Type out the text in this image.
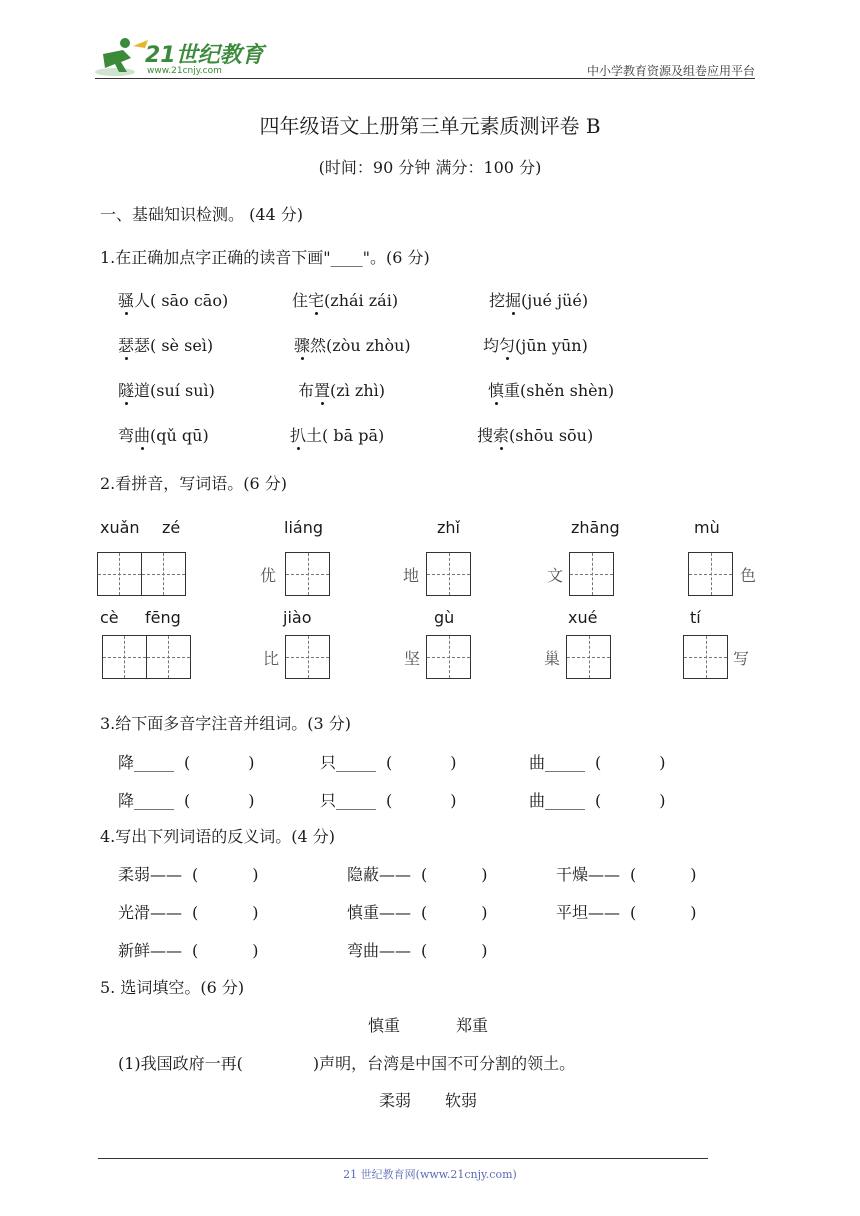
21世纪教育
www.21cnjy.com	中小学教育资源及组卷应用平台
四年级语文上册第三单元素质测评卷 B
(时间：90 分钟 满分：100 分)
一、基础知识检测。 (44 分)
1.在正确加点字正确的读音下画"____"。(6 分)
骚人( sāo cāo)	住宅(zhái zái)	挖掘(jué jüé)
瑟瑟( sè seì)	骤然(zòu zhòu)	均匀(jūn yūn)
隧道(suí suì)	布置(zì zhì)	慎重(shěn shèn)
弯曲(qǔ qū)	扒土( bā pā)	搜索(shōu sōu)
2.看拼音，写词语。(6 分)
xuǎn zé	liáng	zhǐ	zhāng	mù
优	地	文	色
cè fēng	jiào	gù	xué	tí
比	坚	巢	写
3.给下面多音字注音并组词。(3 分)
降_____ (	)	只_____ (	)	曲_____ (	)
降_____ (	)	只_____ (	)	曲_____ (	)
4.写出下列词语的反义词。(4 分)
柔弱—— (	)	隐蔽—— (	)	干燥—— (	)
光滑—— (	)	慎重—— (	)	平坦—— (	)
新鲜—— (	)	弯曲—— (	)
5. 选词填空。(6 分)
慎重	郑重
(1)我国政府一再(	)声明，台湾是中国不可分割的领土。
柔弱 软弱
21 世纪教育网(www.21cnjy.com)
